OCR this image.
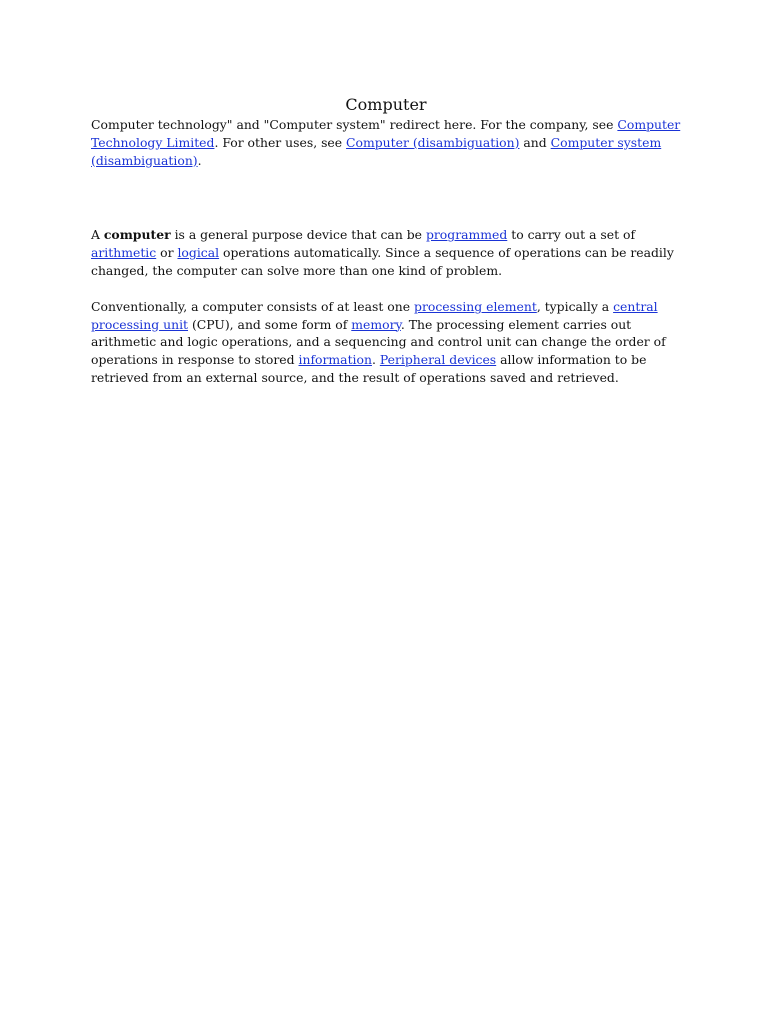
Computer

Computer technology" and "Computer system" redirect here. For the company, see Computer Technology Limited. For other uses, see Computer (disambiguation) and Computer system (disambiguation).

A computer is a general purpose device that can be programmed to carry out a set of arithmetic or logical operations automatically. Since a sequence of operations can be readily changed, the computer can solve more than one kind of problem.

Conventionally, a computer consists of at least one processing element, typically a central processing unit (CPU), and some form of memory. The processing element carries out arithmetic and logic operations, and a sequencing and control unit can change the order of operations in response to stored information. Peripheral devices allow information to be retrieved from an external source, and the result of operations saved and retrieved.
